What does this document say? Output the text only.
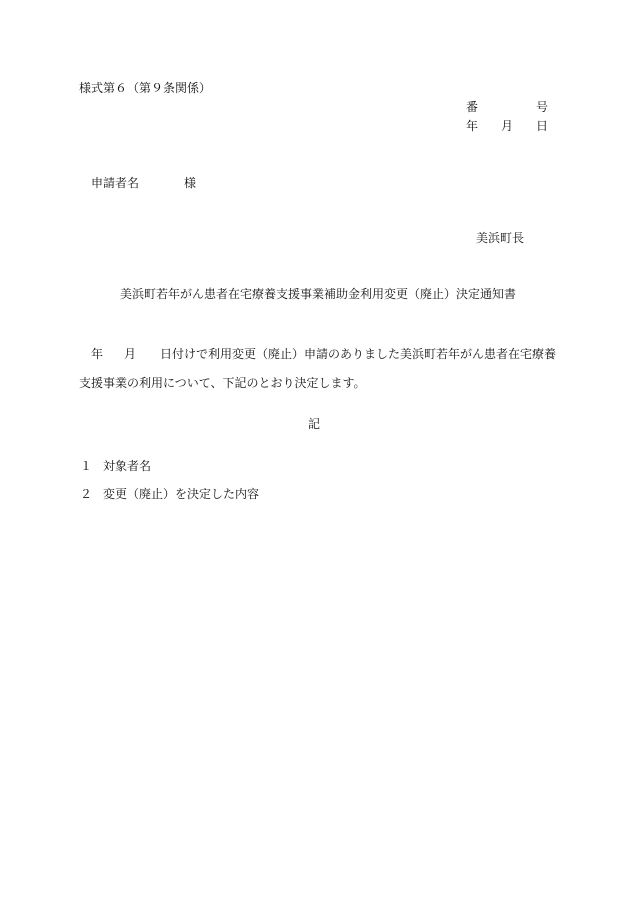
様式第６（第９条関係）
番	号
年 月 日
申請者名	様
美浜町長
美浜町若年がん患者在宅療養支援事業補助金利用変更（廃止）決定通知書
年 月 日付けで利用変更（廃止）申請のありました美浜町若年がん患者在宅療養
支援事業の利用について、下記のとおり決定します。
記
１ 対象者名
２ 変更（廃止）を決定した内容
